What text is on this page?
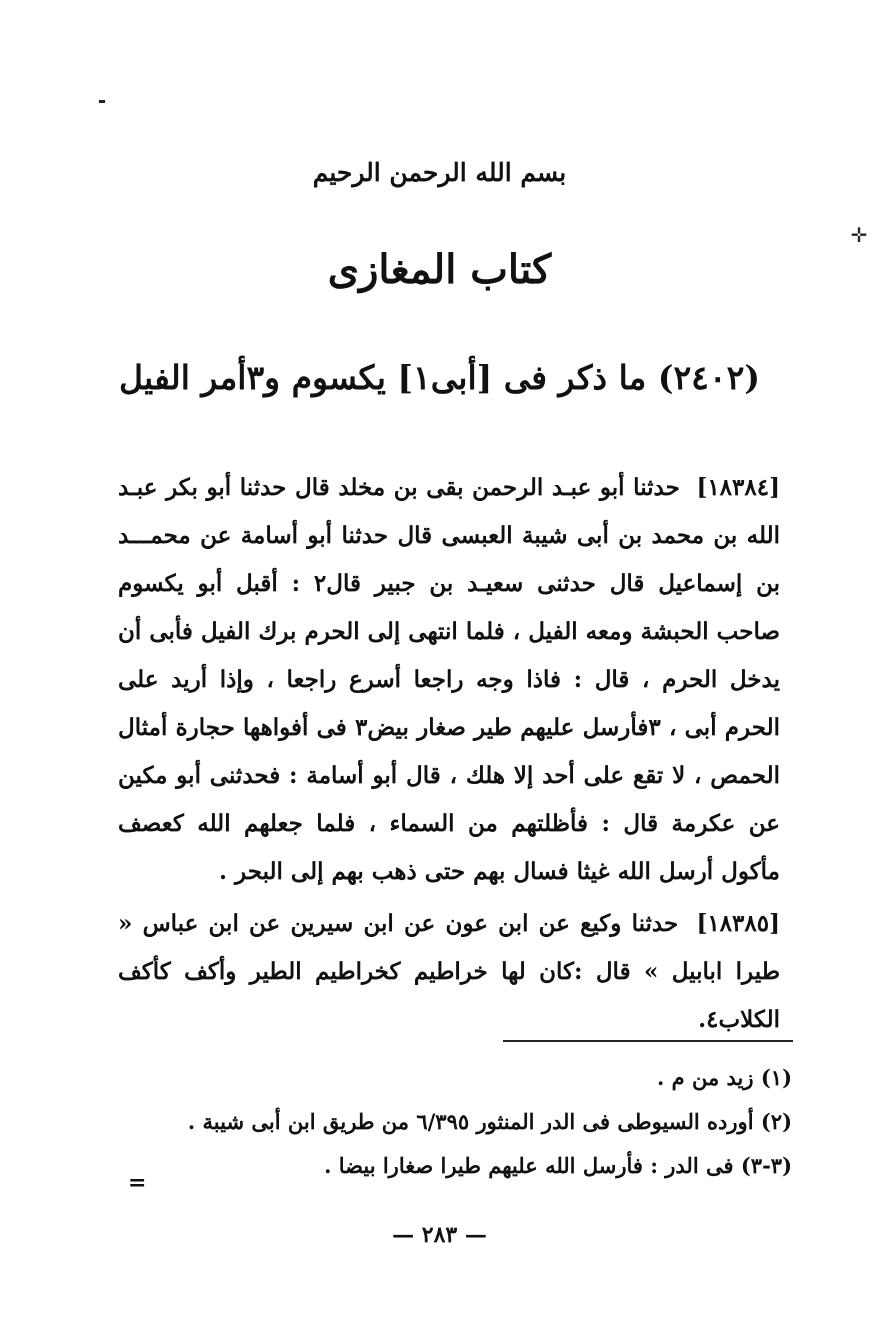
✛
بسم الله الرحمن الرحيم
كتاب المغازى
(٢٤٠٢) ما ذكر فى [أبى١] يكسوم و٣أمر الفيل

[١٨٣٨٤] حدثنا أبو عبـد الرحمن بقى بن مخلد قال حدثنا أبو بكر عبـد الله بن محمد بن أبى شيبة العبسى قال حدثنا أبو أسامة عن محمـــد بن إسماعيل قال حدثنى سعيـد بن جبير قال٢ : أقبل أبو يكسوم صاحب الحبشة ومعه الفيل ، فلما انتهى إلى الحرم برك الفيل فأبى أن يدخل الحرم ، قال : فاذا وجه راجعا أسرع راجعا ، وإذا أريد على الحرم أبى ، ٣فأرسل عليهم طير صغار بيض٣ فى أفواهها حجارة أمثال الحمص ، لا تقع على أحد إلا هلك ، قال أبو أسامة : فحدثنى أبو مكين عن عكرمة قال : فأظلتهم من السماء ، فلما جعلهم الله كعصف مأكول أرسل الله غيثا فسال بهم حتى ذهب بهم إلى البحر .

[١٨٣٨٥] حدثنا وكيع عن ابن عون عن ابن سيرين عن ابن عباس « طيرا ابابيل » قال :كان لها خراطيم كخراطيم الطير وأكف كأكف الكلاب٤.

(١) زيد من م .
(٢) أورده السيوطى فى الدر المنثور ٦/٣٩٥ من طريق ابن أبى شيبة .
(٣-٣) فى الدر : فأرسل الله عليهم طيرا صغارا بيضا .
=
— ٢٨٣ —
